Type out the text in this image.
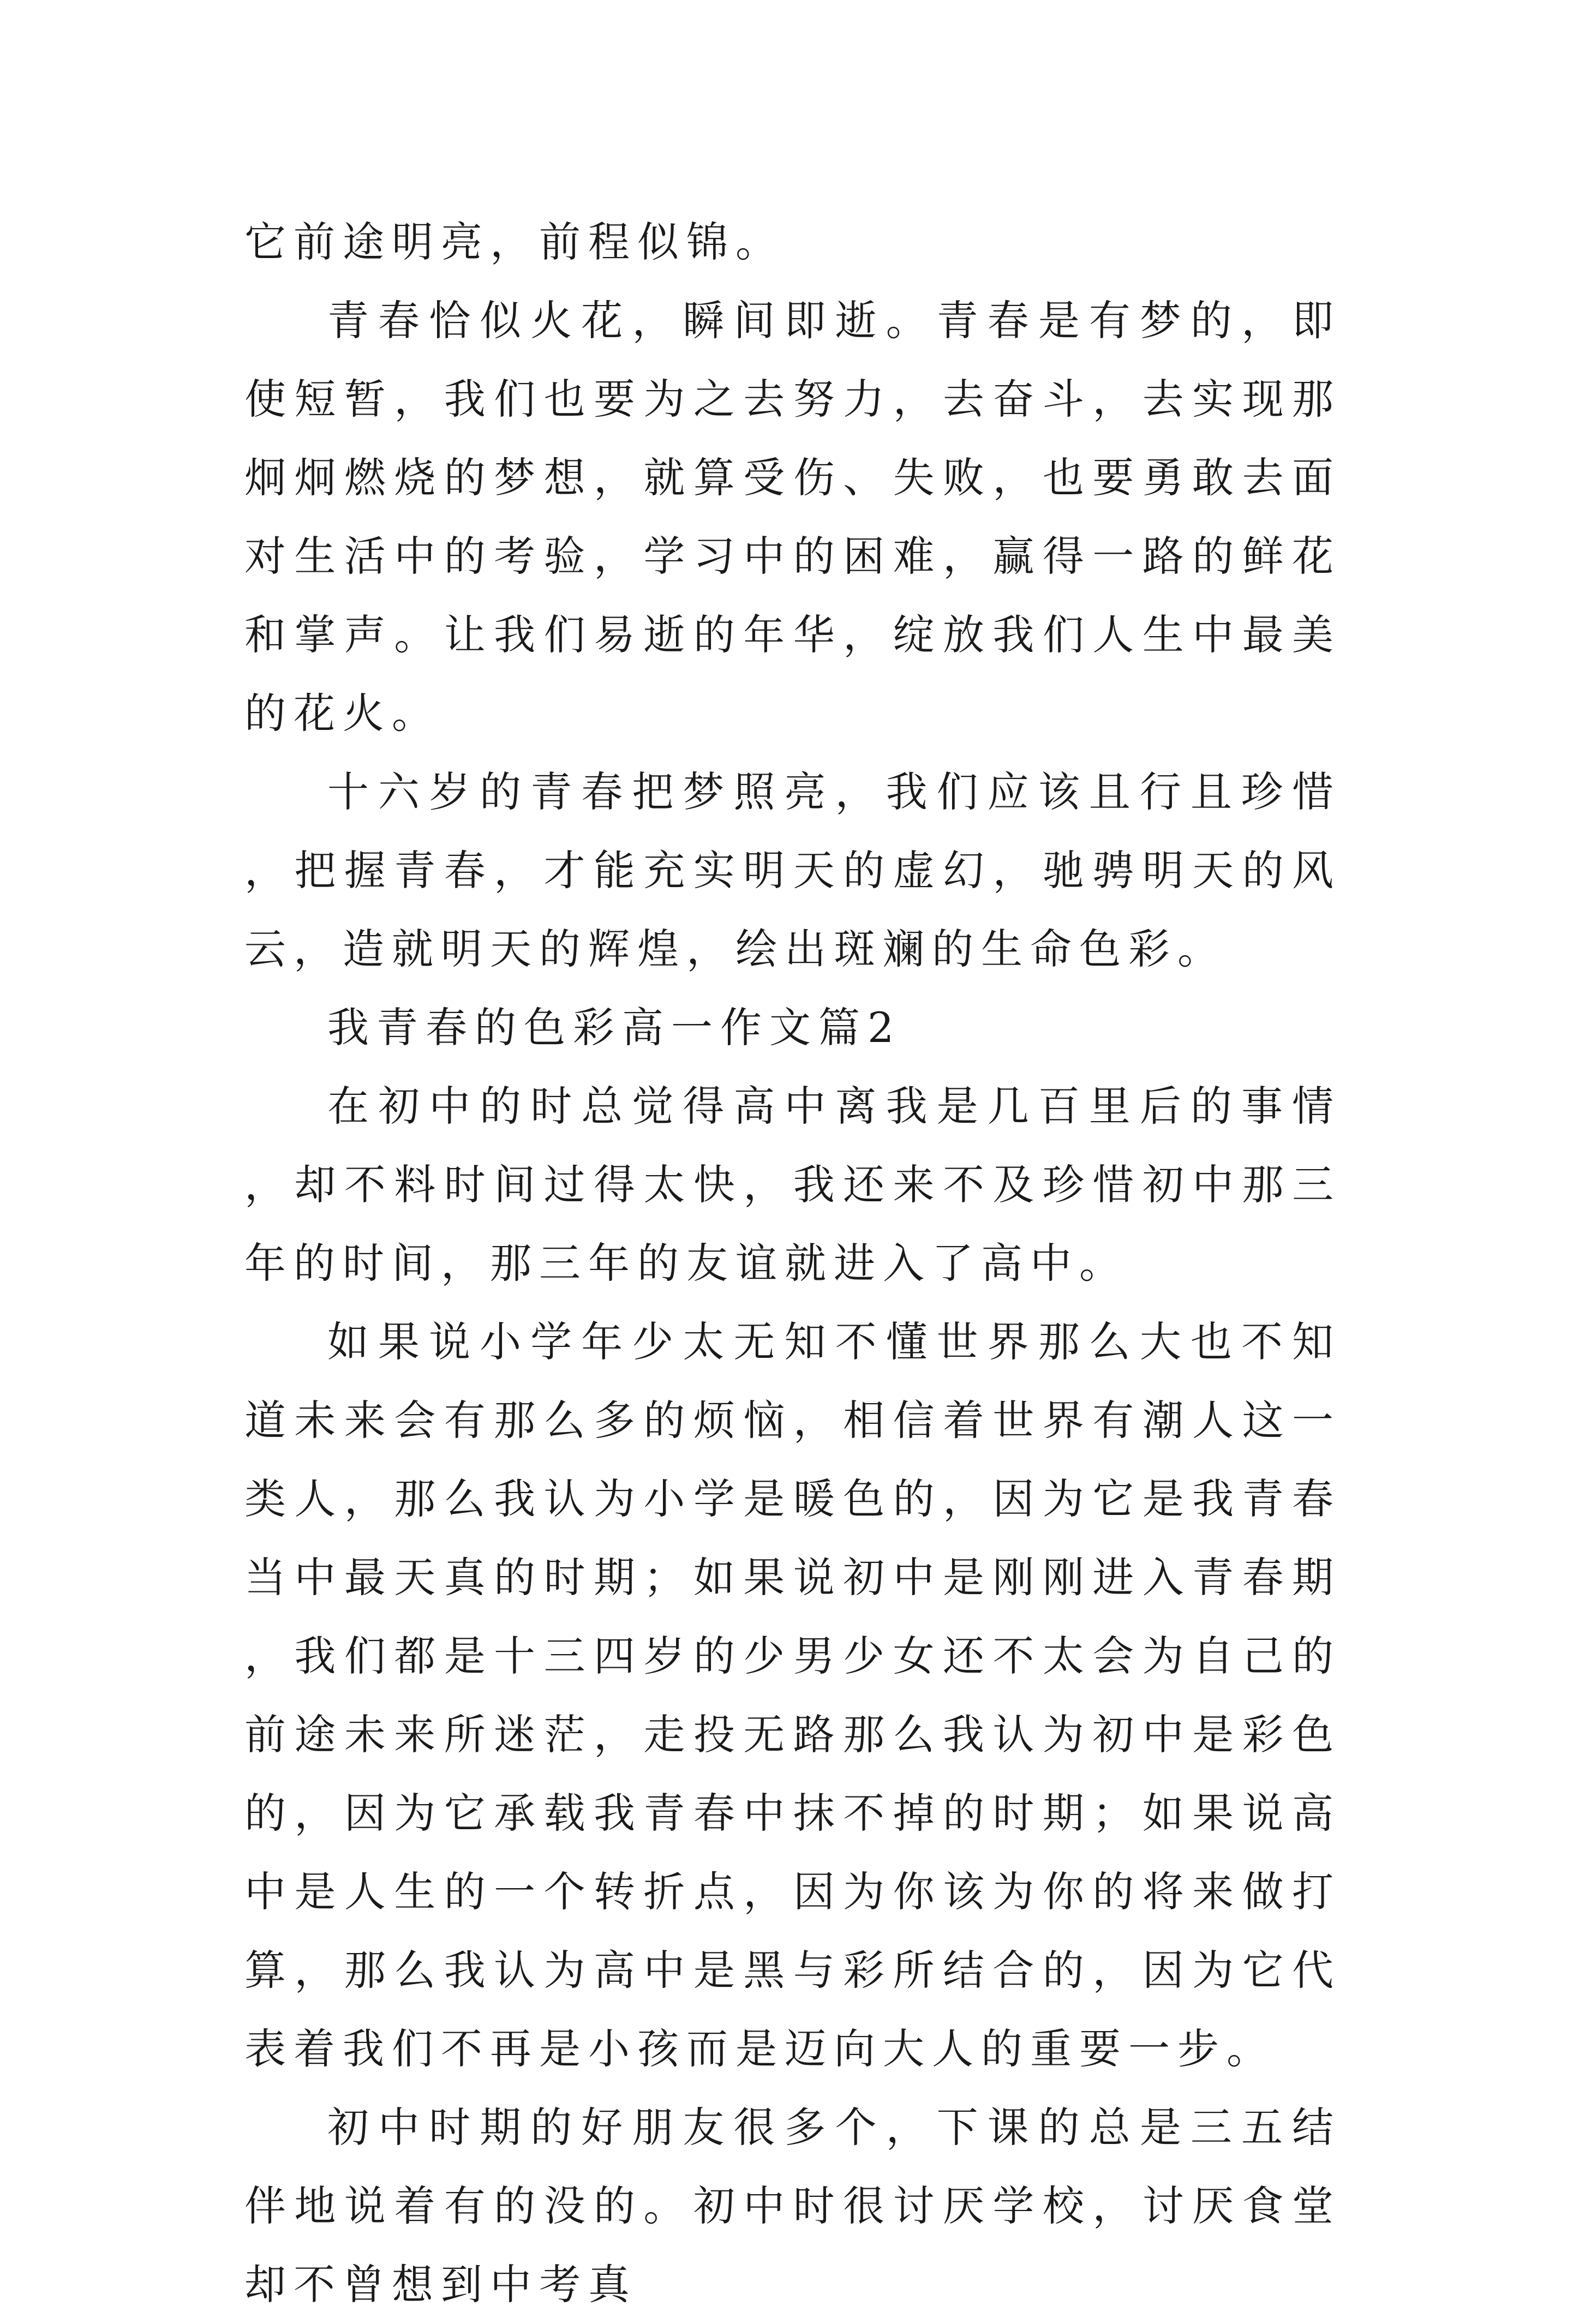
它前途明亮，前程似锦。

青春恰似火花，瞬间即逝。青春是有梦的，即使短暂，我们也要为之去努力，去奋斗，去实现那炯炯燃烧的梦想，就算受伤、失败，也要勇敢去面对生活中的考验，学习中的困难，赢得一路的鲜花和掌声。让我们易逝的年华，绽放我们人生中最美的花火。

十六岁的青春把梦照亮，我们应该且行且珍惜，把握青春，才能充实明天的虚幻，驰骋明天的风云，造就明天的辉煌，绘出斑斓的生命色彩。

我青春的色彩高一作文篇2

在初中的时总觉得高中离我是几百里后的事情，却不料时间过得太快，我还来不及珍惜初中那三年的时间，那三年的友谊就进入了高中。

如果说小学年少太无知不懂世界那么大也不知道未来会有那么多的烦恼，相信着世界有潮人这一类人，那么我认为小学是暖色的，因为它是我青春当中最天真的时期；如果说初中是刚刚进入青春期，我们都是十三四岁的少男少女还不太会为自己的前途未来所迷茫，走投无路那么我认为初中是彩色的，因为它承载我青春中抹不掉的时期；如果说高中是人生的一个转折点，因为你该为你的将来做打算，那么我认为高中是黑与彩所结合的，因为它代表着我们不再是小孩而是迈向大人的重要一步。

初中时期的好朋友很多个，下课的总是三五结伴地说着有的没的。初中时很讨厌学校，讨厌食堂却不曾想到中考真
